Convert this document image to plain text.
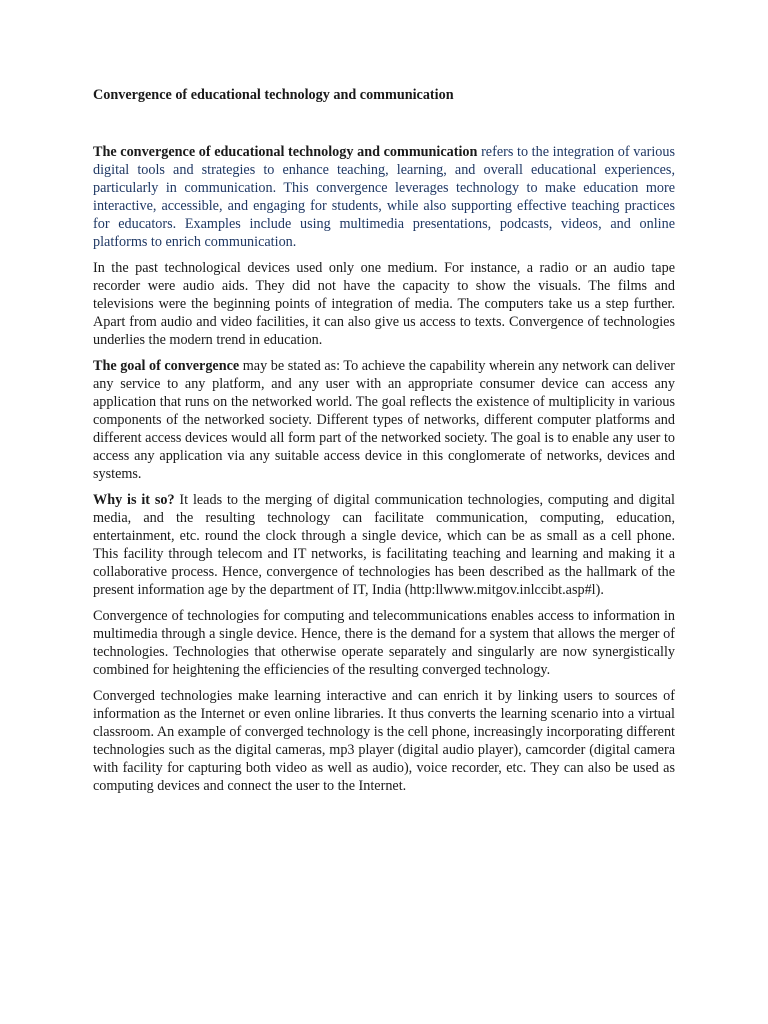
Convergence of educational technology and communication

The convergence of educational technology and communication refers to the integration of various digital tools and strategies to enhance teaching, learning, and overall educational experiences, particularly in communication. This convergence leverages technology to make education more interactive, accessible, and engaging for students, while also supporting effective teaching practices for educators. Examples include using multimedia presentations, podcasts, videos, and online platforms to enrich communication.

In the past technological devices used only one medium. For instance, a radio or an audio tape recorder were audio aids. They did not have the capacity to show the visuals. The films and televisions were the beginning points of integration of media. The computers take us a step further. Apart from audio and video facilities, it can also give us access to texts. Convergence of technologies underlies the modern trend in education.

The goal of convergence may be stated as: To achieve the capability wherein any network can deliver any service to any platform, and any user with an appropriate consumer device can access any application that runs on the networked world. The goal reflects the existence of multiplicity in various components of the networked society. Different types of networks, different computer platforms and different access devices would all form part of the networked society. The goal is to enable any user to access any application via any suitable access device in this conglomerate of networks, devices and systems.

Why is it so? It leads to the merging of digital communication technologies, computing and digital media, and the resulting technology can facilitate communication, computing, education, entertainment, etc. round the clock through a single device, which can be as small as a cell phone. This facility through telecom and IT networks, is facilitating teaching and learning and making it a collaborative process. Hence, convergence of technologies has been described as the hallmark of the present information age by the department of IT, India (http:llwww.mitgov.inlccibt.asp#l).

Convergence of technologies for computing and telecommunications enables access to information in multimedia through a single device. Hence, there is the demand for a system that allows the merger of technologies. Technologies that otherwise operate separately and singularly are now synergistically combined for heightening the efficiencies of the resulting converged technology.

Converged technologies make learning interactive and can enrich it by linking users to sources of information as the Internet or even online libraries. It thus converts the learning scenario into a virtual classroom. An example of converged technology is the cell phone, increasingly incorporating different technologies such as the digital cameras, mp3 player (digital audio player), camcorder (digital camera with facility for capturing both video as well as audio), voice recorder, etc. They can also be used as computing devices and connect the user to the Internet.
